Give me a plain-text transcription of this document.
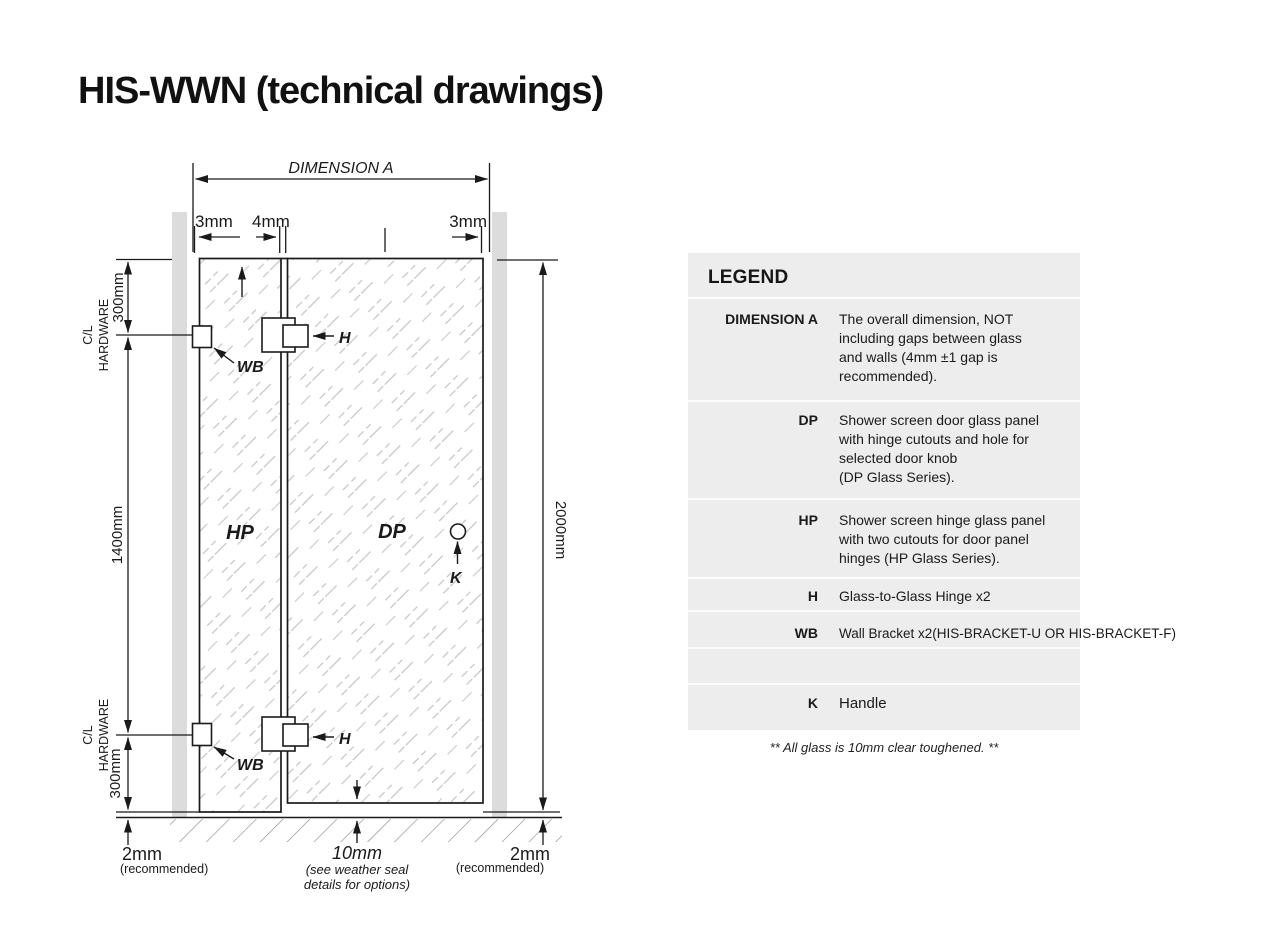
HIS-WWN (technical drawings)
DIMENSION A
3mm 4mm	3mm
2000mm
300mm
1400mm
300mm
C/L HARDWARE
C/L HARDWARE
WB
WB
H
H
HP	DP
K
2mm
(recommended)
10mm
(see weather seal
details for options)
2mm
(recommended)
LEGEND
DIMENSION A The overall dimension, NOT
including gaps between glass
and walls (4mm ±1 gap is
recommended).
DP Shower screen door glass panel
with hinge cutouts and hole for
selected door knob
(DP Glass Series).
HP Shower screen hinge glass panel
with two cutouts for door panel
hinges (HP Glass Series).
H Glass-to-Glass Hinge x2
WB Wall Bracket x2(HIS-BRACKET-U OR HIS-BRACKET-F)
K Handle
** All glass is 10mm clear toughened. **
